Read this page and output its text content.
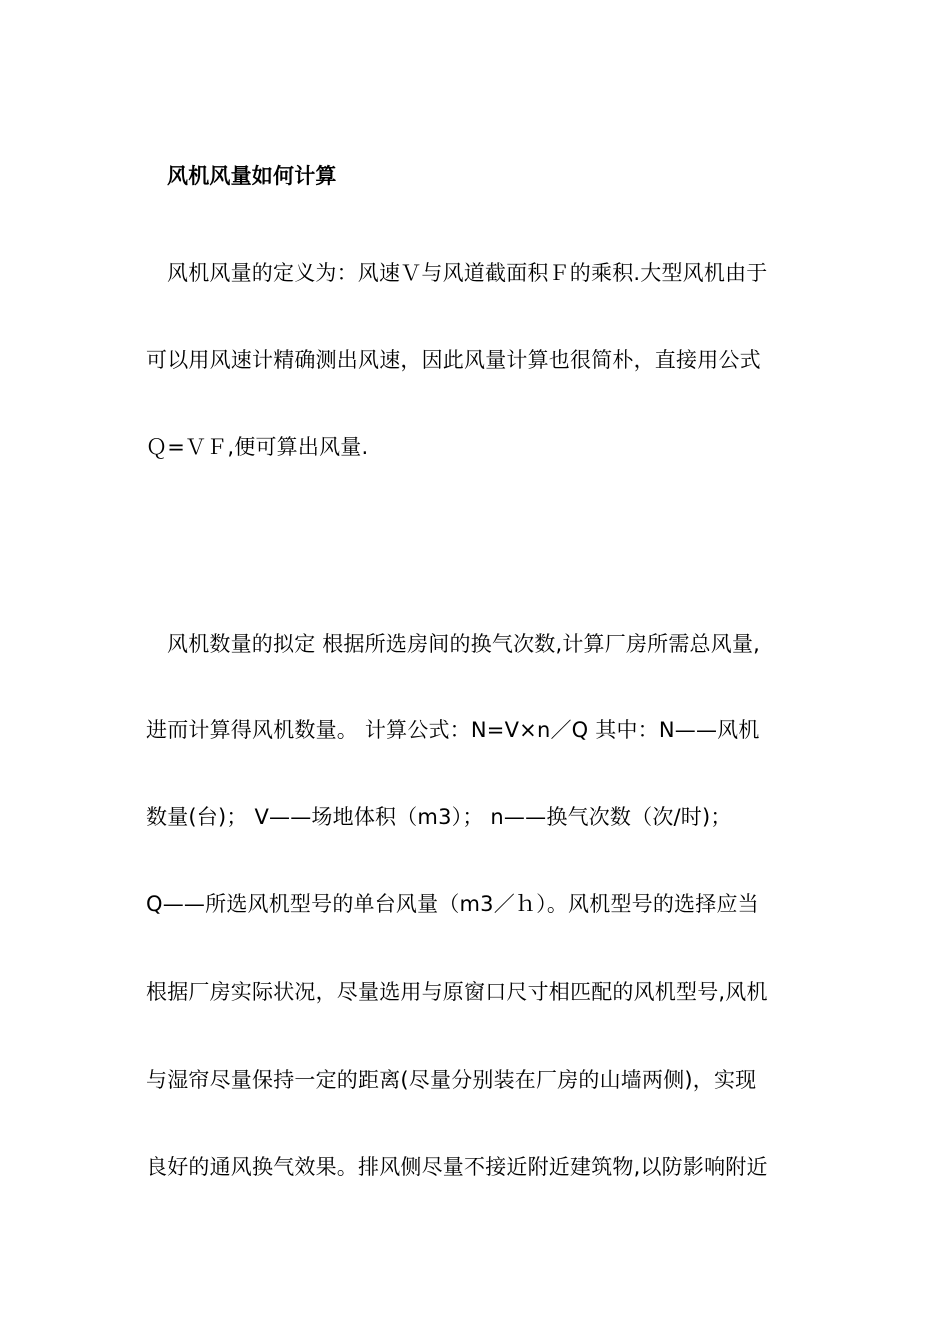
风机风量如何计算
风机风量的定义为：风速Ｖ与风道截面积Ｆ的乘积.大型风机由于
可以用风速计精确测出风速，因此风量计算也很简朴，直接用公式
Ｑ=ＶＦ,便可算出风量.
风机数量的拟定 根据所选房间的换气次数,计算厂房所需总风量,
进而计算得风机数量。 计算公式：N=V×n／Q 其中：N——风机
数量(台)； V——场地体积（m3）； n——换气次数（次/时)；
Q——所选风机型号的单台风量（m3／ｈ）。风机型号的选择应当
根据厂房实际状况，尽量选用与原窗口尺寸相匹配的风机型号,风机
与湿帘尽量保持一定的距离(尽量分别装在厂房的山墙两侧)，实现
良好的通风换气效果。排风侧尽量不接近附近建筑物,以防影响附近
